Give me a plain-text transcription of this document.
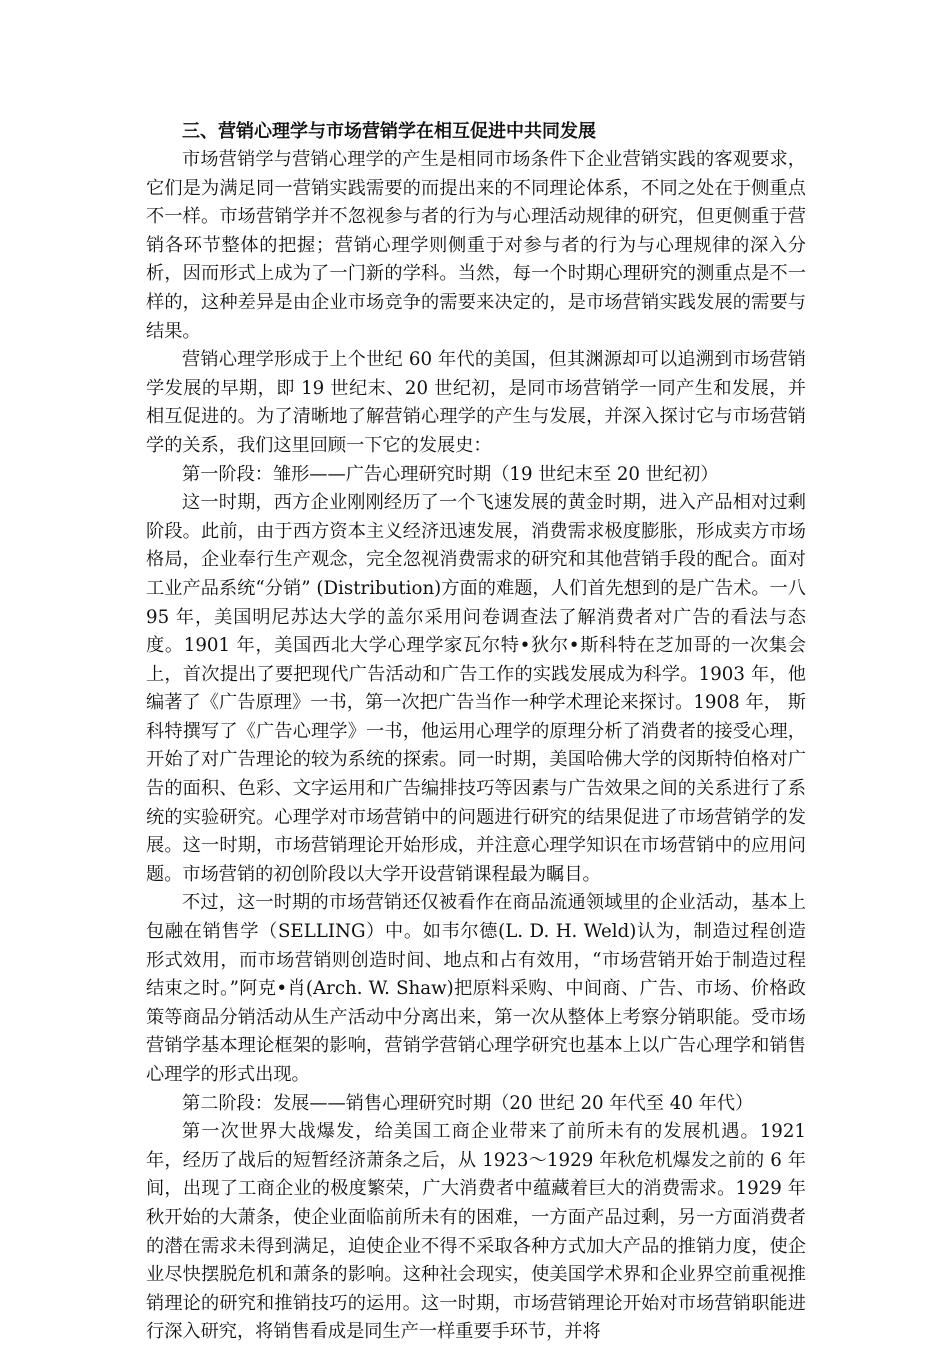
三、营销心理学与市场营销学在相互促进中共同发展

市场营销学与营销心理学的产生是相同市场条件下企业营销实践的客观要求，它们是为满足同一营销实践需要的而提出来的不同理论体系，不同之处在于侧重点不一样。市场营销学并不忽视参与者的行为与心理活动规律的研究，但更侧重于营销各环节整体的把握；营销心理学则侧重于对参与者的行为与心理规律的深入分析，因而形式上成为了一门新的学科。当然，每一个时期心理研究的测重点是不一样的，这种差异是由企业市场竞争的需要来决定的，是市场营销实践发展的需要与结果。

营销心理学形成于上个世纪 60 年代的美国，但其渊源却可以追溯到市场营销学发展的早期，即 19 世纪末、20 世纪初，是同市场营销学一同产生和发展，并相互促进的。为了清晰地了解营销心理学的产生与发展，并深入探讨它与市场营销学的关系，我们这里回顾一下它的发展史：

第一阶段：雏形——广告心理研究时期（19 世纪末至 20 世纪初）

这一时期，西方企业刚刚经历了一个飞速发展的黄金时期，进入产品相对过剩阶段。此前，由于西方资本主义经济迅速发展，消费需求极度膨胀，形成卖方市场格局，企业奉行生产观念，完全忽视消费需求的研究和其他营销手段的配合。面对工业产品系统“分销” (Distribution)方面的难题，人们首先想到的是广告术。一八 95 年，美国明尼苏达大学的盖尔采用问卷调查法了解消费者对广告的看法与态度。1901 年，美国西北大学心理学家瓦尔特•狄尔•斯科特在芝加哥的一次集会上，首次提出了要把现代广告活动和广告工作的实践发展成为科学。1903 年，他编著了《广告原理》一书，第一次把广告当作一种学术理论来探讨。1908 年， 斯科特撰写了《广告心理学》一书，他运用心理学的原理分析了消费者的接受心理，开始了对广告理论的较为系统的探索。同一时期，美国哈佛大学的闵斯特伯格对广告的面积、色彩、文字运用和广告编排技巧等因素与广告效果之间的关系进行了系统的实验研究。心理学对市场营销中的问题进行研究的结果促进了市场营销学的发展。这一时期，市场营销理论开始形成，并注意心理学知识在市场营销中的应用问题。市场营销的初创阶段以大学开设营销课程最为瞩目。

不过，这一时期的市场营销还仅被看作在商品流通领域里的企业活动，基本上包融在销售学（SELLING）中。如韦尔德(L. D. H. Weld)认为，制造过程创造形式效用，而市场营销则创造时间、地点和占有效用，“市场营销开始于制造过程结束之时。”阿克•肖(Arch. W. Shaw)把原料采购、中间商、广告、市场、价格政策等商品分销活动从生产活动中分离出来，第一次从整体上考察分销职能。受市场营销学基本理论框架的影响，营销学营销心理学研究也基本上以广告心理学和销售心理学的形式出现。

第二阶段：发展——销售心理研究时期（20 世纪 20 年代至 40 年代）

第一次世界大战爆发，给美国工商企业带来了前所未有的发展机遇。1921 年，经历了战后的短暂经济萧条之后，从 1923～1929 年秋危机爆发之前的 6 年间，出现了工商企业的极度繁荣，广大消费者中蕴藏着巨大的消费需求。1929 年秋开始的大萧条，使企业面临前所未有的困难，一方面产品过剩，另一方面消费者的潜在需求未得到满足，迫使企业不得不采取各种方式加大产品的推销力度，使企业尽快摆脱危机和萧条的影响。这种社会现实，使美国学术界和企业界空前重视推销理论的研究和推销技巧的运用。这一时期，市场营销理论开始对市场营销职能进行深入研究，将销售看成是同生产一样重要手环节，并将
